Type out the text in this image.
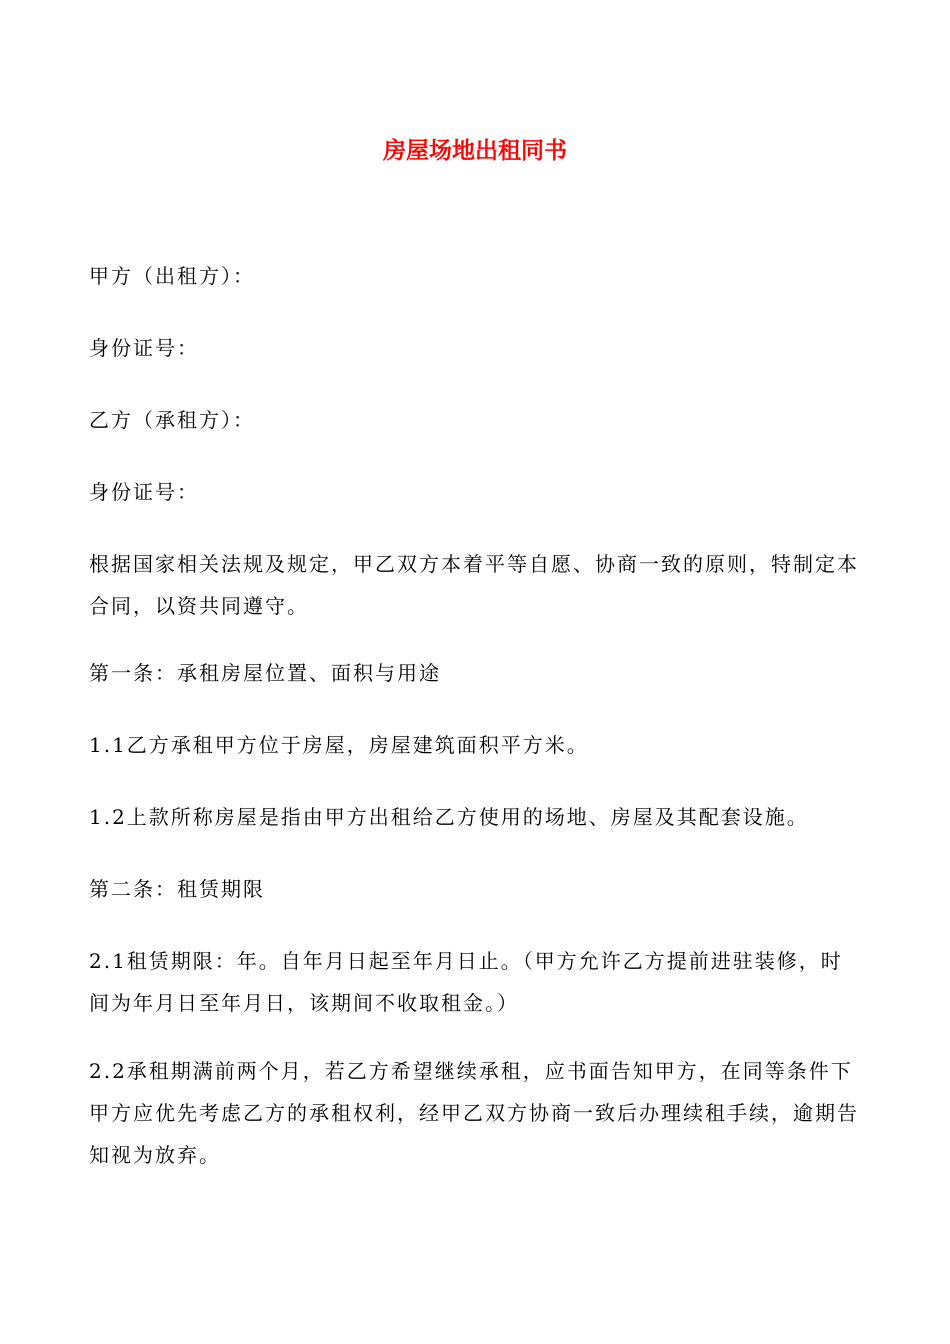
房屋场地出租同书

甲方（出租方）：

身份证号：

乙方（承租方）：

身份证号：

根据国家相关法规及规定，甲乙双方本着平等自愿、协商一致的原则，特制定本合同，以资共同遵守。

第一条：承租房屋位置、面积与用途

1.1乙方承租甲方位于房屋，房屋建筑面积平方米。

1.2上款所称房屋是指由甲方出租给乙方使用的场地、房屋及其配套设施。

第二条：租赁期限

2.1租赁期限：年。自年月日起至年月日止。（甲方允许乙方提前进驻装修，时间为年月日至年月日，该期间不收取租金。）

2.2承租期满前两个月，若乙方希望继续承租，应书面告知甲方，在同等条件下甲方应优先考虑乙方的承租权利，经甲乙双方协商一致后办理续租手续，逾期告知视为放弃。
